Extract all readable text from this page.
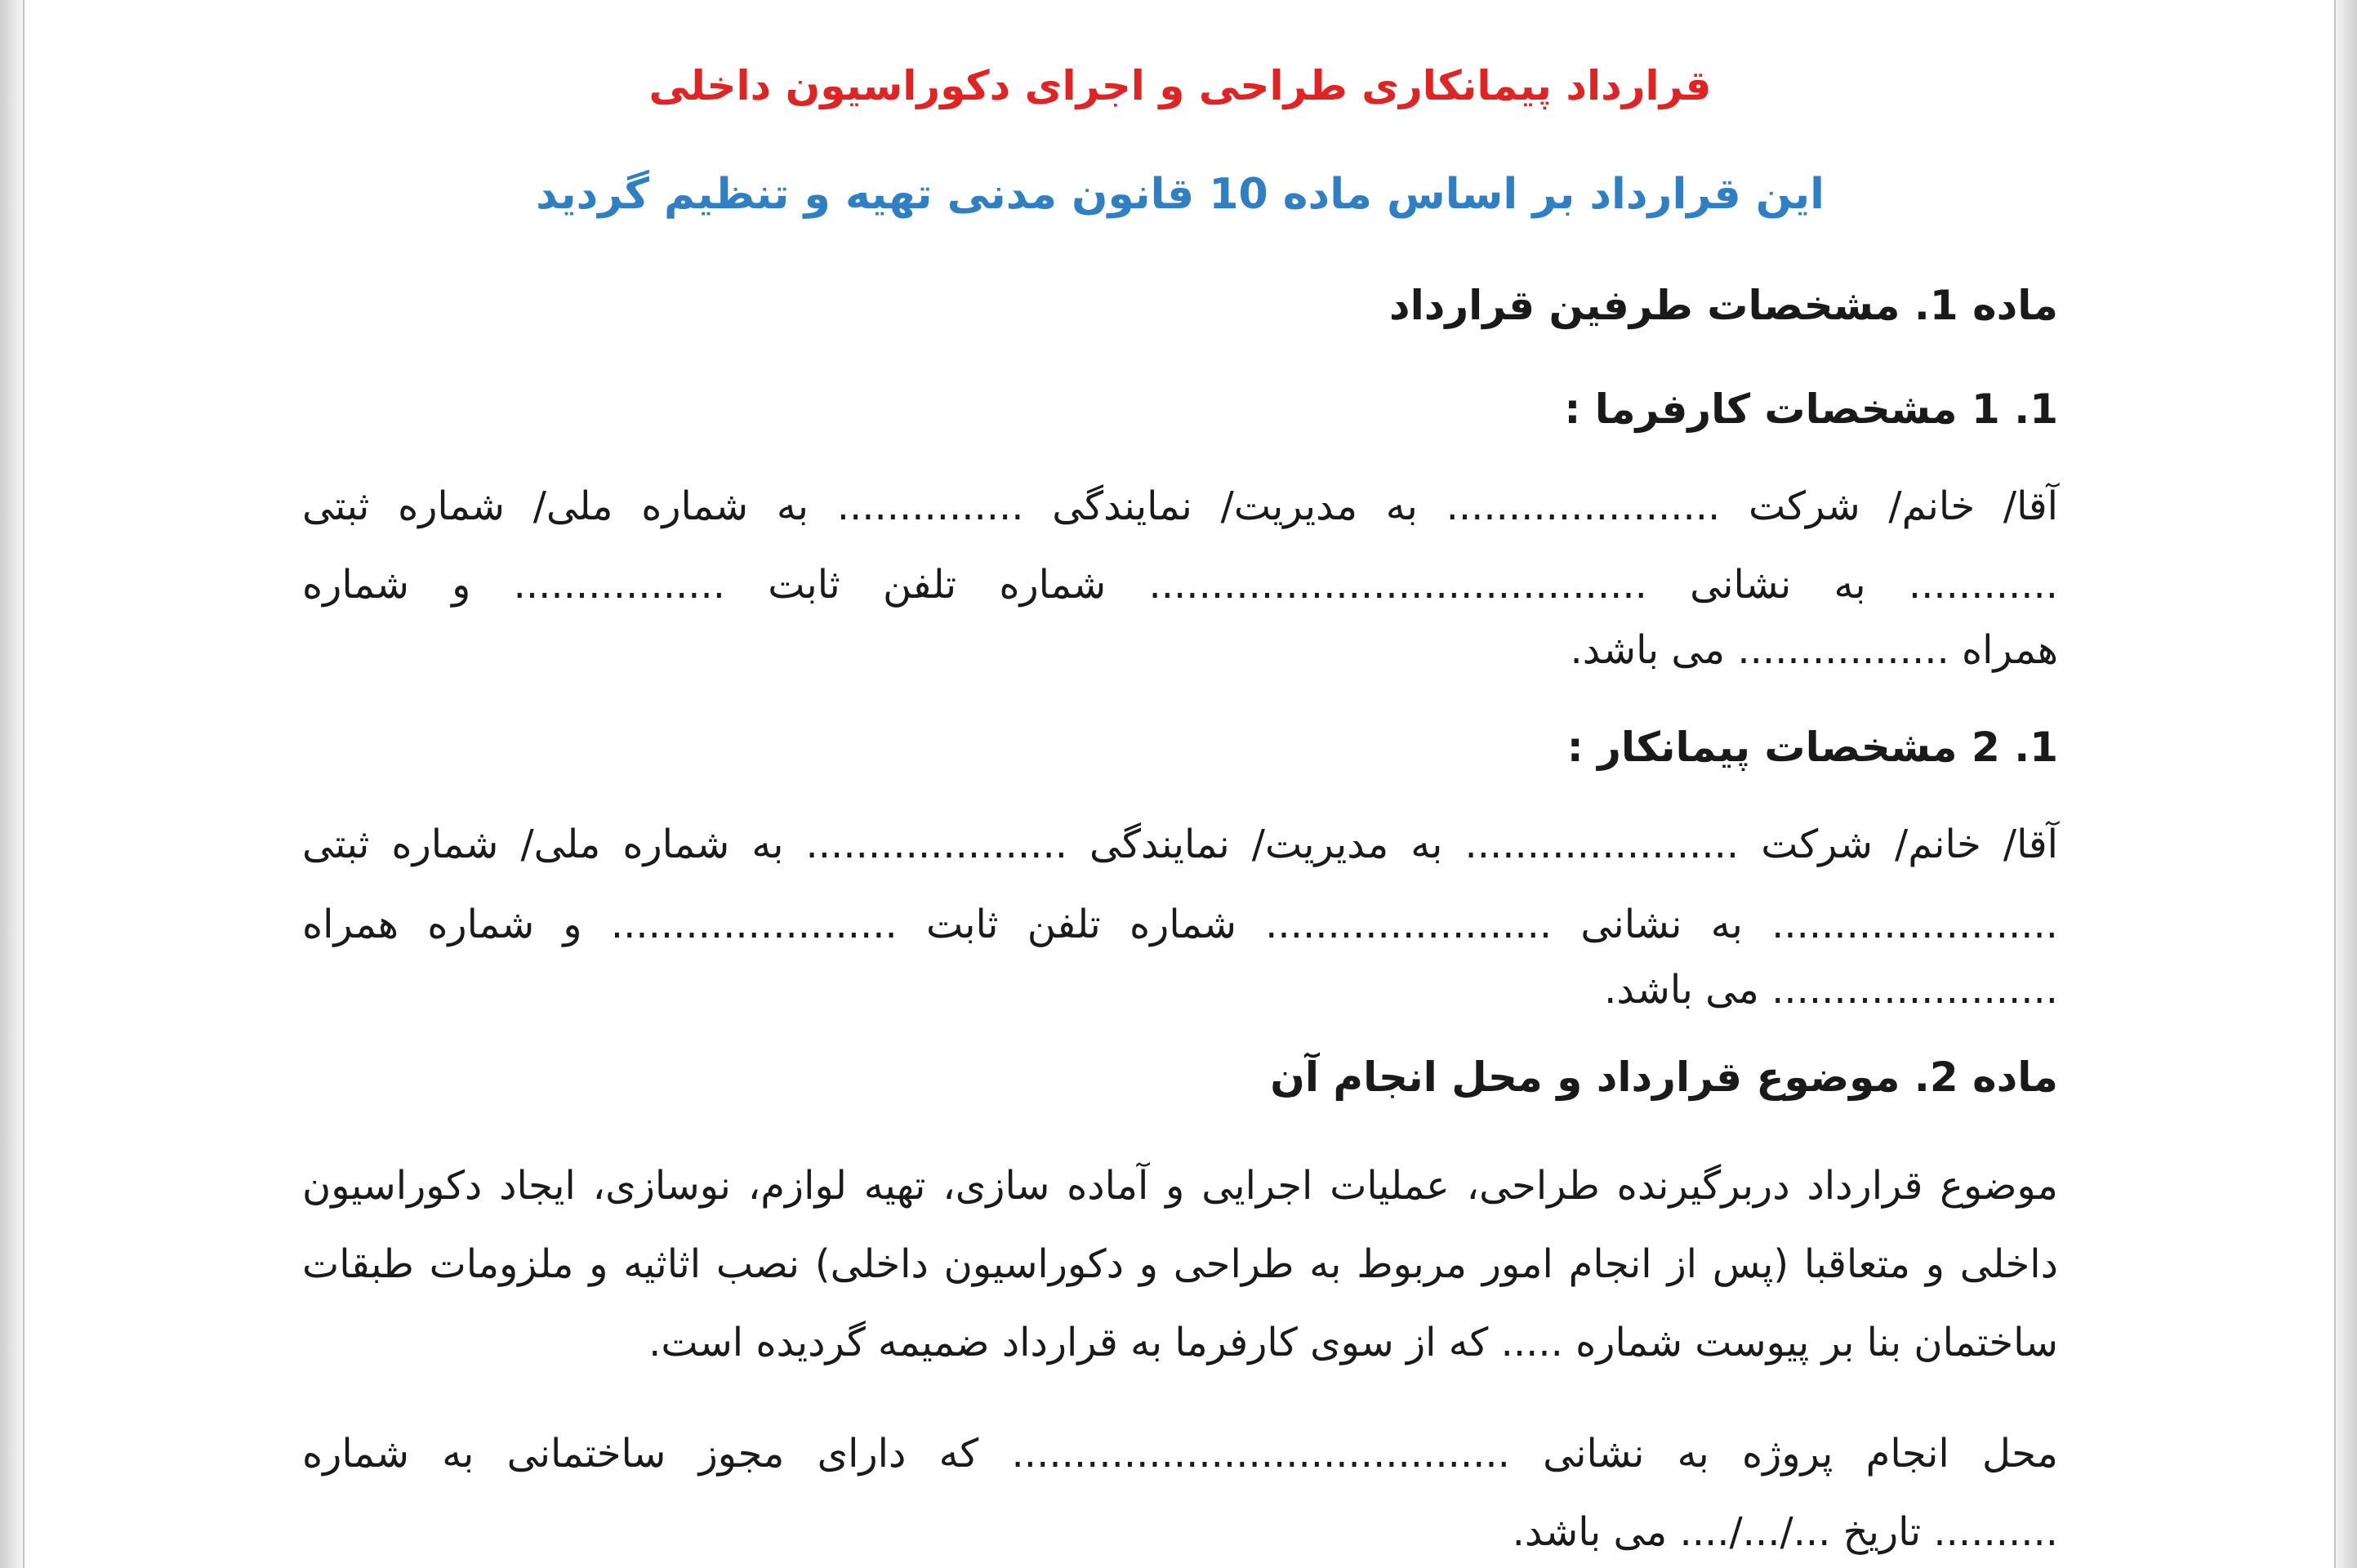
قرارداد پیمانکاری طراحی و اجرای دکوراسیون داخلی

این قرارداد بر اساس ماده 10 قانون مدنی تهیه و تنظیم گردید

ماده 1. مشخصات طرفین قرارداد

1. 1 مشخصات کارفرما :

آقا/ خانم/ شرکت ...................... به مدیریت/ نمایندگی ............... به شماره ملی/ شماره ثبتی

............ به نشانی ........................................ شماره تلفن ثابت ................. و شماره

همراه ................. می باشد.

1. 2 مشخصات پیمانکار :

آقا/ خانم/ شرکت ...................... به مدیریت/ نمایندگی ..................... به شماره ملی/ شماره ثبتی

....................... به نشانی ....................... شماره تلفن ثابت ....................... و شماره همراه

....................... می باشد.

ماده 2. موضوع قرارداد و محل انجام آن

موضوع قرارداد دربرگیرنده طراحی، عملیات اجرایی و آماده سازی، تهیه لوازم، نوسازی، ایجاد دکوراسیون

داخلی و متعاقبا (پس از انجام امور مربوط به طراحی و دکوراسیون داخلی) نصب اثاثیه و ملزومات طبقات

ساختمان بنا بر پیوست شماره ..... که از سوی کارفرما به قرارداد ضمیمه گردیده است.

محل انجام پروژه به نشانی ........................................ که دارای مجوز ساختمانی به شماره

.......... تاریخ .../.../.... می باشد.
